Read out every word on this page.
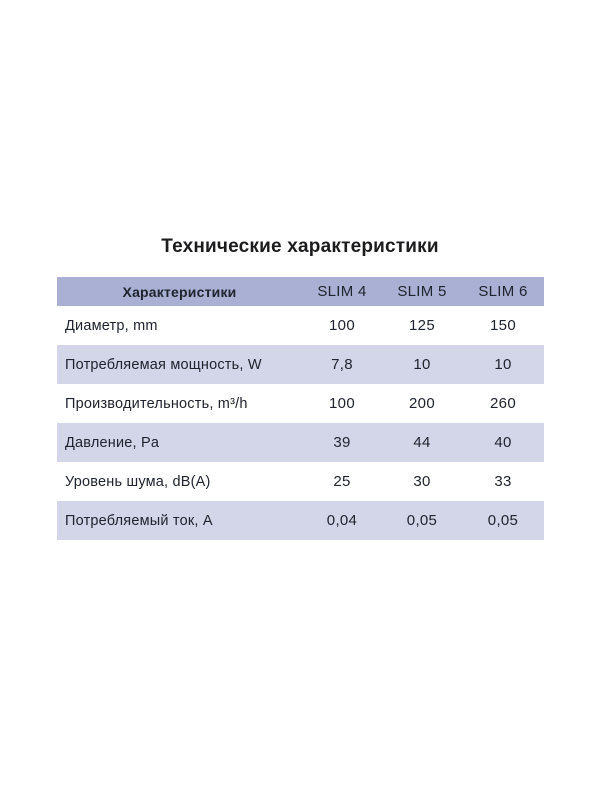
Технические характеристики
Характеристики	SLIM 4	SLIM 5	SLIM 6
Диаметр, mm	100	125	150
Потребляемая мощность, W	7,8	10	10
Производительность, m³/h	100	200	260
Давление, Pa	39	44	40
Уровень шума, dB(A)	25	30	33
Потребляемый ток, А	0,04	0,05	0,05
